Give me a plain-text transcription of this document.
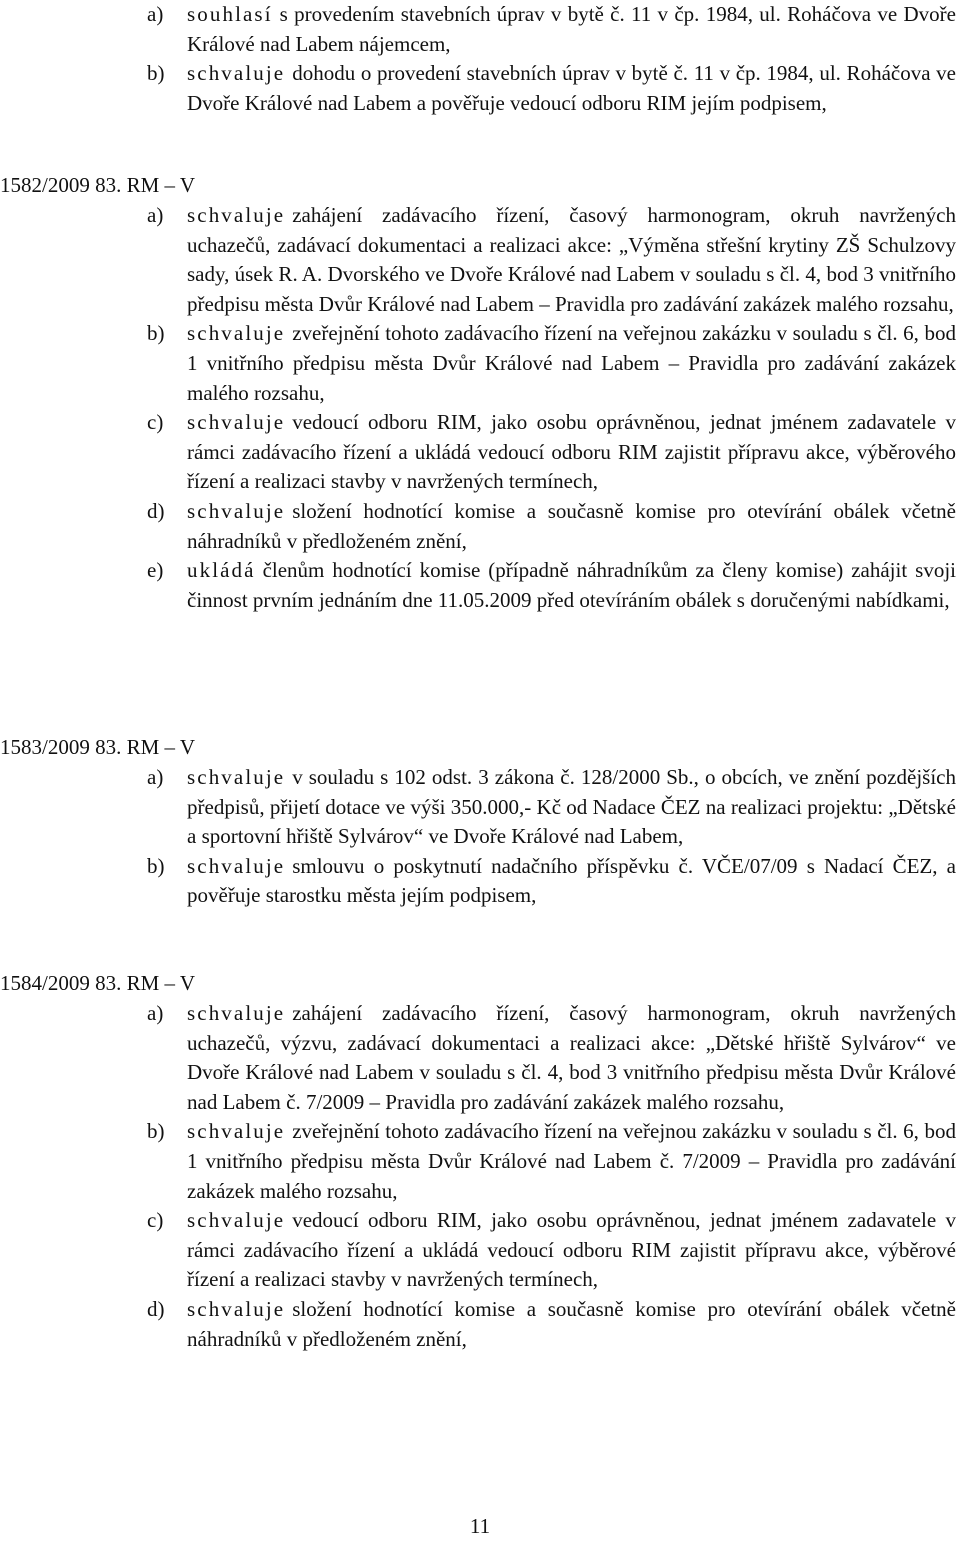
a) souhlasí s provedením stavebních úprav v bytě č. 11 v čp. 1984, ul. Roháčova ve Dvoře Králové nad Labem nájemcem,
b) schvaluje dohodu o provedení stavebních úprav v bytě č. 11 v čp. 1984, ul. Roháčova ve Dvoře Králové nad Labem a pověřuje vedoucí odboru RIM jejím podpisem,
1582/2009 83. RM – V
a) schvaluje zahájení zadávacího řízení, časový harmonogram, okruh navržených uchazečů, zadávací dokumentaci a realizaci akce: „Výměna střešní krytiny ZŠ Schulzovy sady, úsek R. A. Dvorského ve Dvoře Králové nad Labem v souladu s čl. 4, bod 3 vnitřního předpisu města Dvůr Králové nad Labem – Pravidla pro zadávání zakázek malého rozsahu,
b) schvaluje zveřejnění tohoto zadávacího řízení na veřejnou zakázku v souladu s čl. 6, bod 1 vnitřního předpisu města Dvůr Králové nad Labem – Pravidla pro zadávání zakázek malého rozsahu,
c) schvaluje vedoucí odboru RIM, jako osobu oprávněnou, jednat jménem zadavatele v rámci zadávacího řízení a ukládá vedoucí odboru RIM zajistit přípravu akce, výběrového řízení a realizaci stavby v navržených termínech,
d) schvaluje složení hodnotící komise a současně komise pro otevírání obálek včetně náhradníků v předloženém znění,
e) ukládá členům hodnotící komise (případně náhradníkům za členy komise) zahájit svoji činnost prvním jednáním dne 11.05.2009 před otevíráním obálek s doručenými nabídkami,
1583/2009 83. RM – V
a) schvaluje v souladu s 102 odst. 3 zákona č. 128/2000 Sb., o obcích, ve znění pozdějších předpisů, přijetí dotace ve výši 350.000,- Kč od Nadace ČEZ na realizaci projektu: „Dětské a sportovní hřiště Sylvárov“ ve Dvoře Králové nad Labem,
b) schvaluje smlouvu o poskytnutí nadačního příspěvku č. VČE/07/09 s Nadací ČEZ, a pověřuje starostku města jejím podpisem,
1584/2009 83. RM – V
a) schvaluje zahájení zadávacího řízení, časový harmonogram, okruh navržených uchazečů, výzvu, zadávací dokumentaci a realizaci akce: „Dětské hřiště Sylvárov“ ve Dvoře Králové nad Labem v souladu s čl. 4, bod 3 vnitřního předpisu města Dvůr Králové nad Labem č. 7/2009 – Pravidla pro zadávání zakázek malého rozsahu,
b) schvaluje zveřejnění tohoto zadávacího řízení na veřejnou zakázku v souladu s čl. 6, bod 1 vnitřního předpisu města Dvůr Králové nad Labem č. 7/2009 – Pravidla pro zadávání zakázek malého rozsahu,
c) schvaluje vedoucí odboru RIM, jako osobu oprávněnou, jednat jménem zadavatele v rámci zadávacího řízení a ukládá vedoucí odboru RIM zajistit přípravu akce, výběrové řízení a realizaci stavby v navržených termínech,
d) schvaluje složení hodnotící komise a současně komise pro otevírání obálek včetně náhradníků v předloženém znění,
11
